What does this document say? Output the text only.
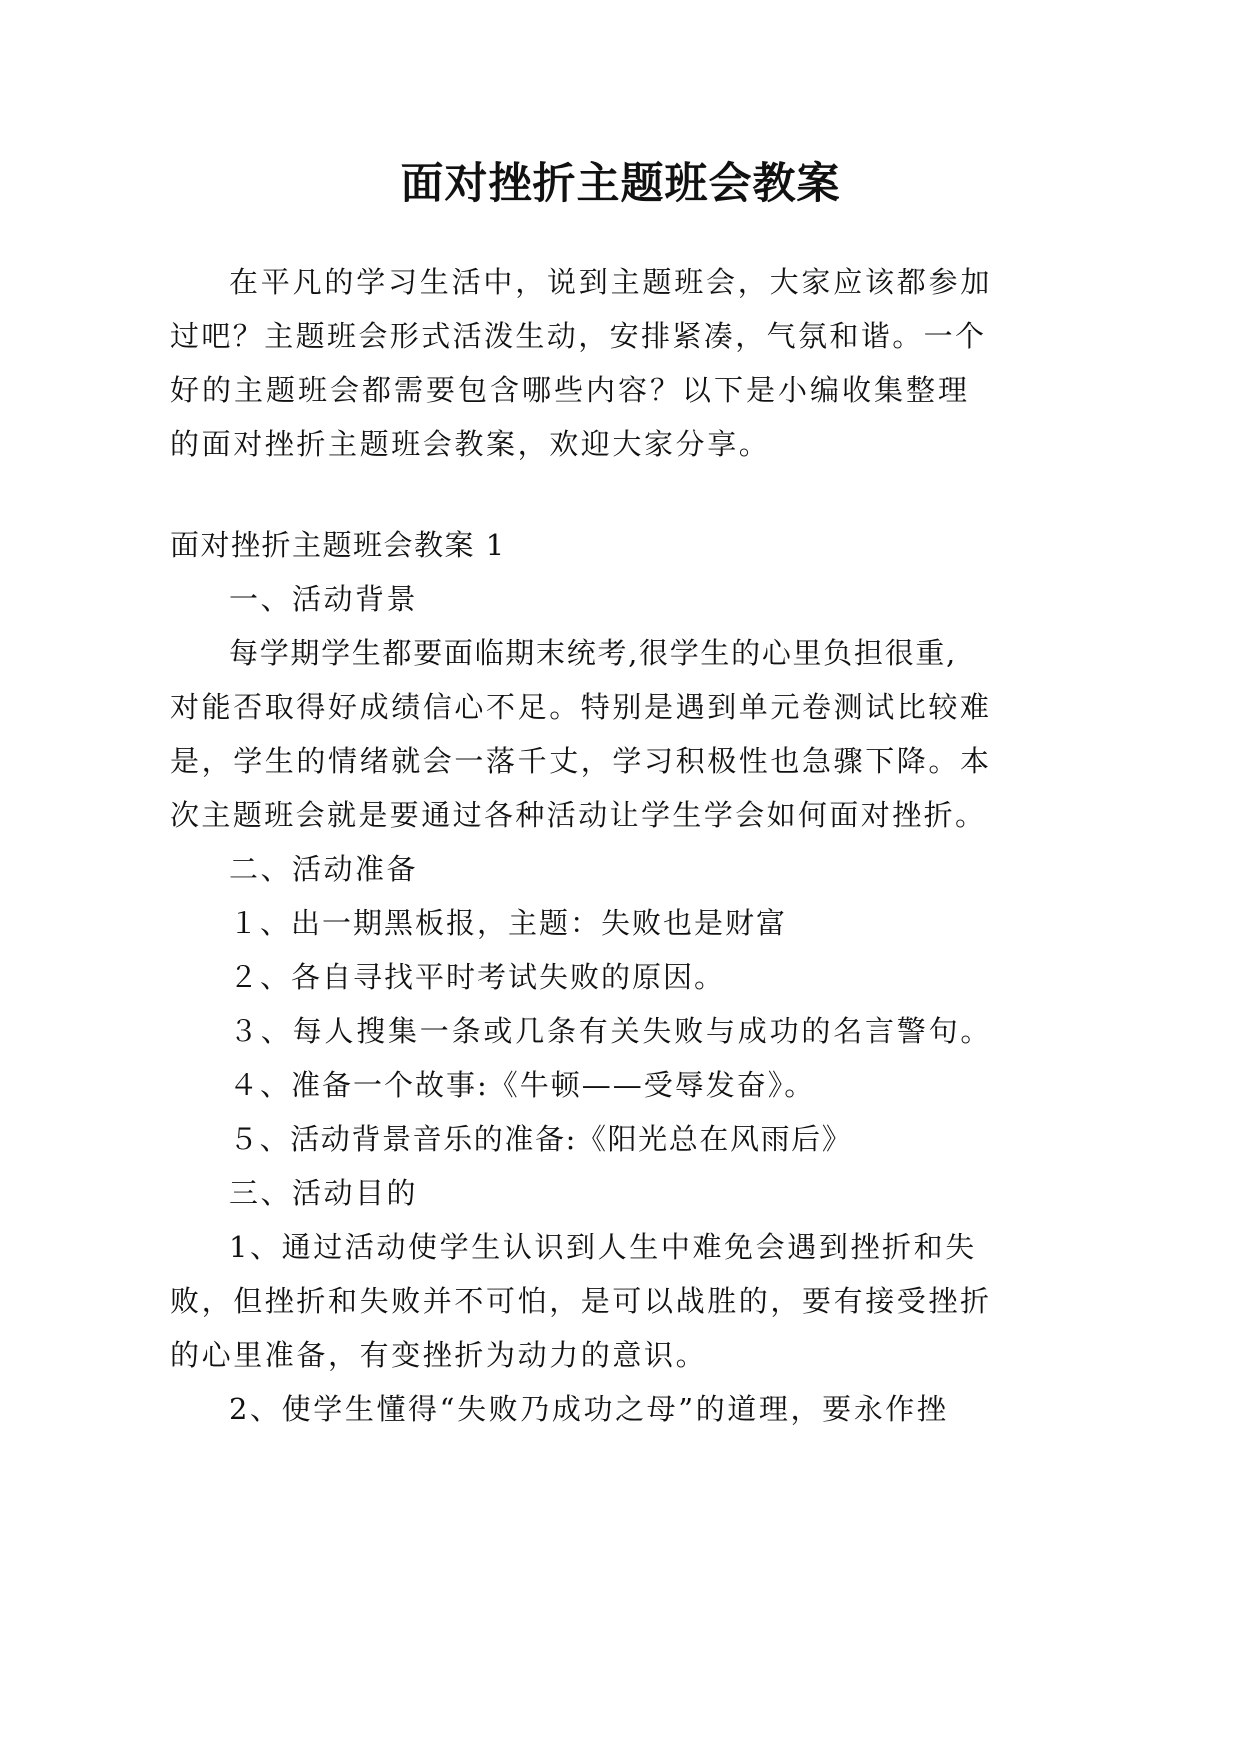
面对挫折主题班会教案
在平凡的学习生活中，说到主题班会，大家应该都参加
过吧？主题班会形式活泼生动，安排紧凑，气氛和谐。一个
好的主题班会都需要包含哪些内容？以下是小编收集整理
的面对挫折主题班会教案，欢迎大家分享。
面对挫折主题班会教案 1
一、活动背景
每学期学生都要面临期末统考,很学生的心里负担很重,
对能否取得好成绩信心不足。特别是遇到单元卷测试比较难
是，学生的情绪就会一落千丈，学习积极性也急骤下降。本
次主题班会就是要通过各种活动让学生学会如何面对挫折。
二、活动准备
１、出一期黑板报，主题：失败也是财富
２、各自寻找平时考试失败的原因。
３、每人搜集一条或几条有关失败与成功的名言警句。
４、准备一个故事:《牛顿——受辱发奋》。
５、活动背景音乐的准备:《阳光总在风雨后》
三、活动目的
1、通过活动使学生认识到人生中难免会遇到挫折和失
败，但挫折和失败并不可怕，是可以战胜的，要有接受挫折
的心里准备，有变挫折为动力的意识。
2、使学生懂得“失败乃成功之母”的道理，要永作挫
